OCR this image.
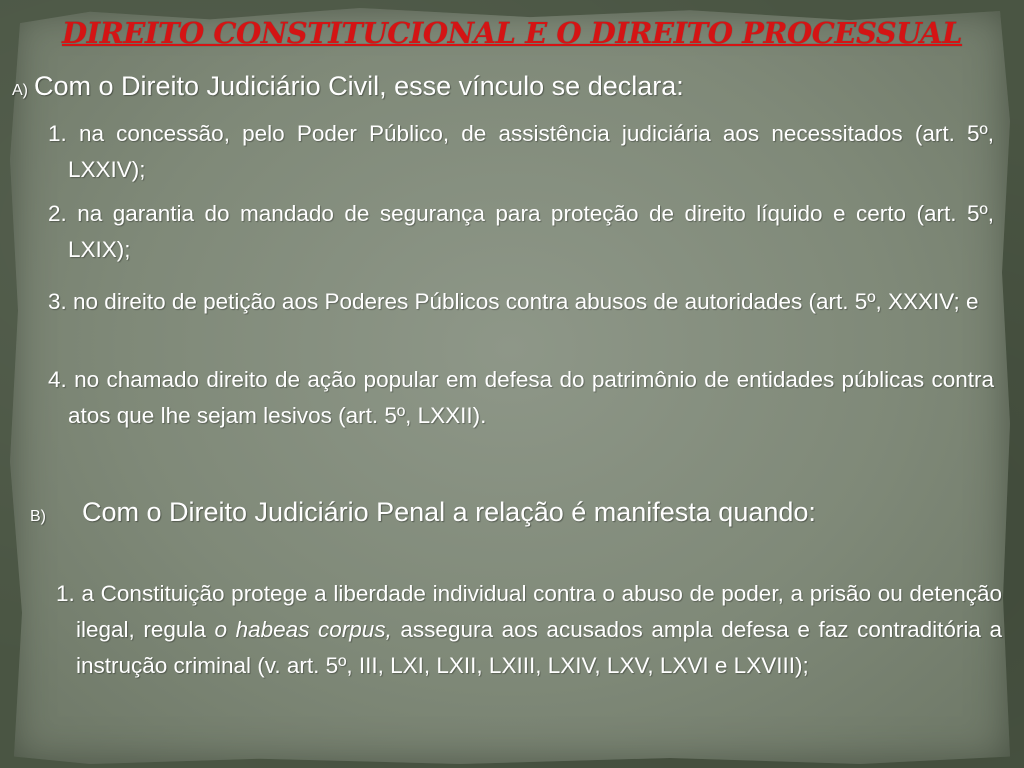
DIREITO CONSTITUCIONAL E O DIREITO PROCESSUAL
A) Com o Direito Judiciário Civil, esse vínculo se declara:
1. na concessão, pelo Poder Público, de assistência judiciária aos necessitados (art. 5º, LXXIV);
2. na garantia do mandado de segurança para proteção de direito líquido e certo (art. 5º, LXIX);
3. no direito de petição aos Poderes Públicos contra abusos de autoridades (art. 5º, XXXIV; e
4. no chamado direito de ação popular em defesa do patrimônio de entidades públicas contra atos que lhe sejam lesivos (art. 5º, LXXII).
B) Com o Direito Judiciário Penal a relação é manifesta quando:
1. a Constituição protege a liberdade individual contra o abuso de poder, a prisão ou detenção ilegal, regula o habeas corpus, assegura aos acusados ampla defesa e faz contraditória a instrução criminal (v. art. 5º, III, LXI, LXII, LXIII, LXIV, LXV, LXVI e LXVIII);
